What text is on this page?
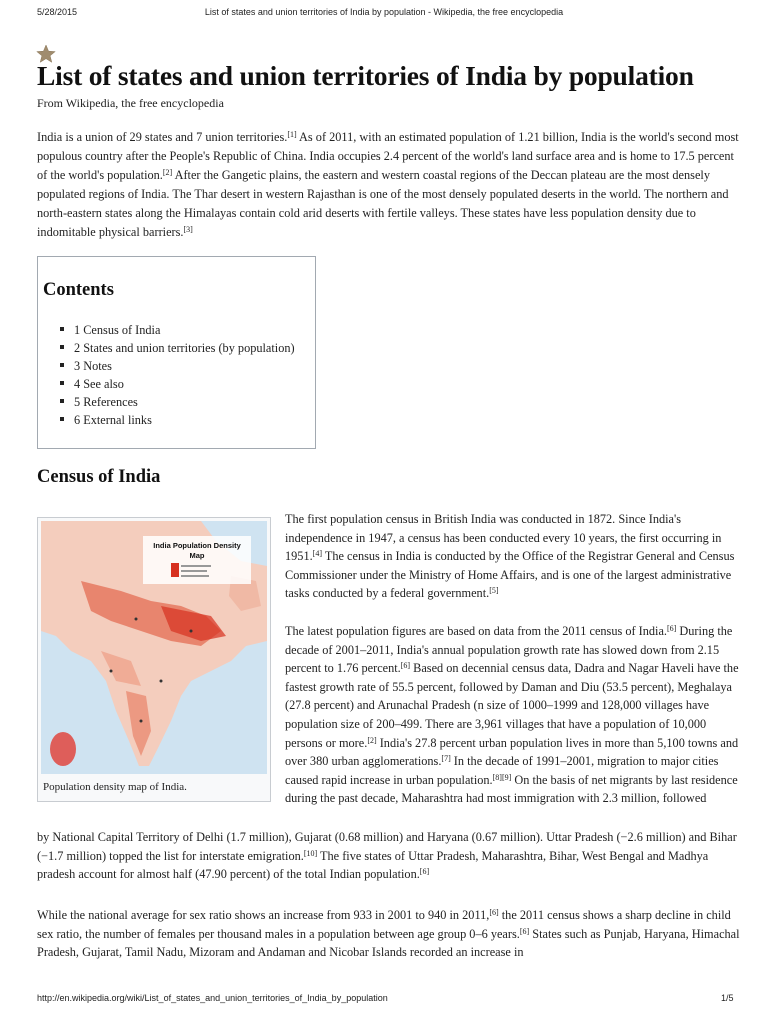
5/28/2015	List of states and union territories of India by population - Wikipedia, the free encyclopedia
List of states and union territories of India by population
From Wikipedia, the free encyclopedia
India is a union of 29 states and 7 union territories.[1] As of 2011, with an estimated population of 1.21 billion, India is the world's second most populous country after the People's Republic of China. India occupies 2.4 percent of the world's land surface area and is home to 17.5 percent of the world's population.[2] After the Gangetic plains, the eastern and western coastal regions of the Deccan plateau are the most densely populated regions of India. The Thar desert in western Rajasthan is one of the most densely populated deserts in the world. The northern and north-eastern states along the Himalayas contain cold arid deserts with fertile valleys. These states have less population density due to indomitable physical barriers.[3]
Contents
1 Census of India
2 States and union territories (by population)
3 Notes
4 See also
5 References
6 External links
Census of India
India Population Density
Map
Population density map of India.
The first population census in British India was conducted in 1872. Since India's independence in 1947, a census has been conducted every 10 years, the first occurring in 1951.[4] The census in India is conducted by the Office of the Registrar General and Census Commissioner under the Ministry of Home Affairs, and is one of the largest administrative tasks conducted by a federal government.[5]
The latest population figures are based on data from the 2011 census of India.[6] During the decade of 2001–2011, India's annual population growth rate has slowed down from 2.15 percent to 1.76 percent.[6] Based on decennial census data, Dadra and Nagar Haveli have the fastest growth rate of 55.5 percent, followed by Daman and Diu (53.5 percent), Meghalaya (27.8 percent) and Arunachal Pradesh (n size of 1000–1999 and 128,000 villages have population size of 200–499. There are 3,961 villages that have a population of 10,000 persons or more.[2] India's 27.8 percent urban population lives in more than 5,100 towns and over 380 urban agglomerations.[7] In the decade of 1991–2001, migration to major cities caused rapid increase in urban population.[8][9] On the basis of net migrants by last residence during the past decade, Maharashtra had most immigration with 2.3 million, followed
by National Capital Territory of Delhi (1.7 million), Gujarat (0.68 million) and Haryana (0.67 million). Uttar Pradesh (−2.6 million) and Bihar (−1.7 million) topped the list for interstate emigration.[10] The five states of Uttar Pradesh, Maharashtra, Bihar, West Bengal and Madhya pradesh account for almost half (47.90 percent) of the total Indian population.[6]
While the national average for sex ratio shows an increase from 933 in 2001 to 940 in 2011,[6] the 2011 census shows a sharp decline in child sex ratio, the number of females per thousand males in a population between age group 0–6 years.[6] States such as Punjab, Haryana, Himachal Pradesh, Gujarat, Tamil Nadu, Mizoram and Andaman and Nicobar Islands recorded an increase in
http://en.wikipedia.org/wiki/List_of_states_and_union_territories_of_India_by_population	1/5
